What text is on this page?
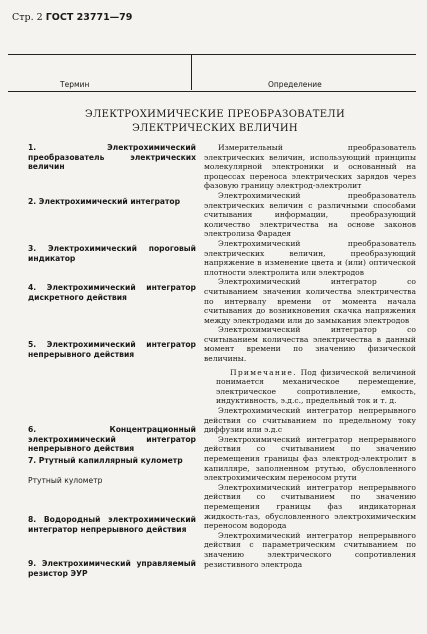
Стр. 2 ГОСТ 23771—79
Термин	Определение
ЭЛЕКТРОХИМИЧЕСКИЕ ПРЕОБРАЗОВАТЕЛИ ЭЛЕКТРИЧЕСКИХ ВЕЛИЧИН
1. Электрохимический преобразователь электрических величин
2. Электрохимический интегратор
3. Электрохимический пороговый индикатор
4. Электрохимический интегратор дискретного действия
5. Электрохимический интегратор непрерывного действия
6. Концентрационный электрохимический интегратор непрерывного действия
7. Ртутный капиллярный кулометр
Ртутный кулометр
8. Водородный электрохимический интегратор непрерывного действия
9. Электрохимический управляемый резистор ЭУР

Измерительный преобразователь электрических величин, использующий принципы молекулярной электроники и основанный на процессах переноса электрических зарядов через фазовую границу электрод-электролит

Электрохимический преобразователь электрических величин с различными способами считывания информации, преобразующий количество электричества на основе законов электролиза Фарадея

Электрохимический преобразователь электрических величин, преобразующий напряжение в изменение цвета и (или) оптической плотности электролита или электродов

Электрохимический интегратор со считыванием значения количества электричества по интервалу времени от момента начала считывания до возникновения скачка напряжения между электродами или до замыкания электродов

Электрохимический интегратор со считыванием количества электричества в данный момент времени по значению физической величины.

Примечание. Под физической величиной понимается механическое перемещение, электрическое сопротивление, емкость, индуктивность, э.д.с., предельный ток и т. д.

Электрохимический интегратор непрерывного действия со считыванием по предельному току диффузии или э.д.с

Электрохимический интегратор непрерывного действия со считыванием по значению перемещения границы фаз электрод-электролит в капилляре, заполненном ртутью, обусловленного электрохимическим переносом ртути

Электрохимический интегратор непрерывного действия со считыванием по значению перемещения границы фаз индикаторная жидкость-газ, обусловленного электрохимическим переносом водорода

Электрохимический интегратор непрерывного действия с параметрическим считыванием по значению электрического сопротивления резистивного электрода
